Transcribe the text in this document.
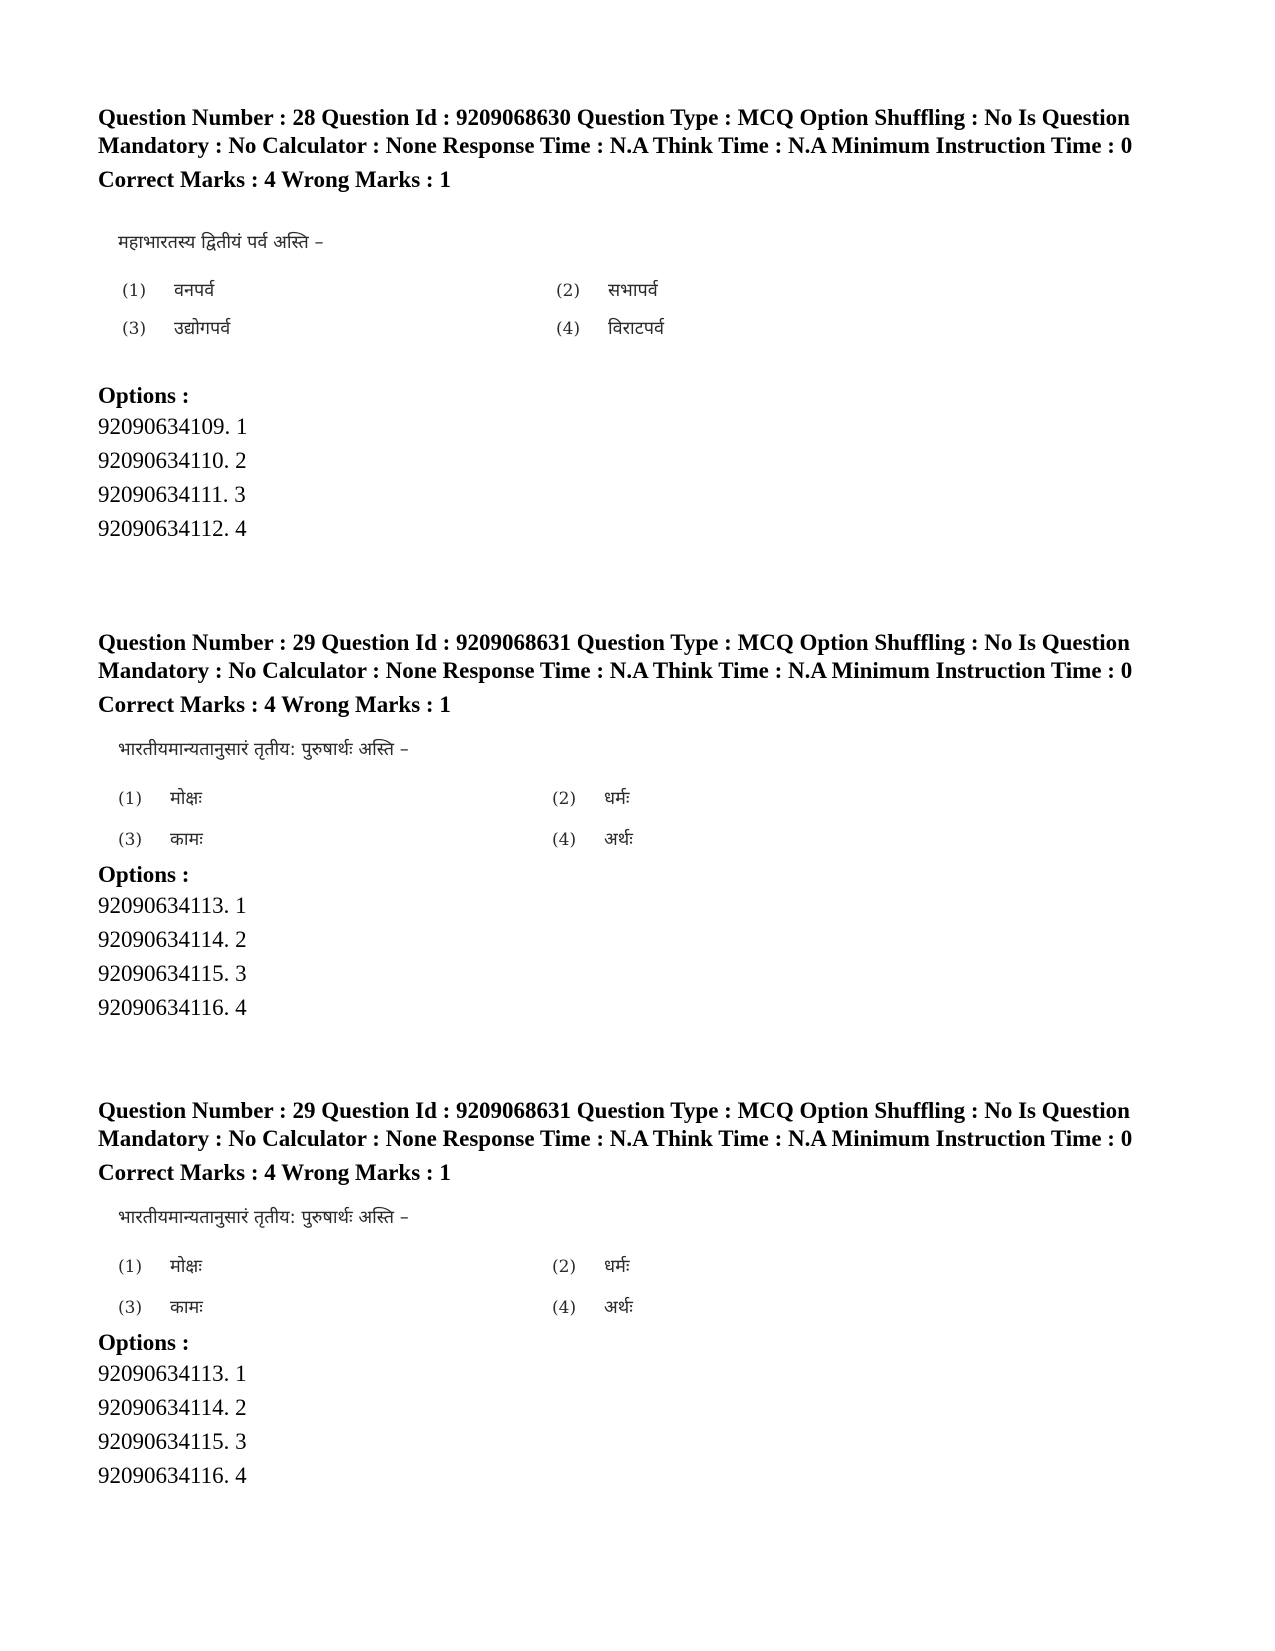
Question Number : 28 Question Id : 9209068630 Question Type : MCQ Option Shuffling : No Is Question Mandatory : No Calculator : None Response Time : N.A Think Time : N.A Minimum Instruction Time : 0

Correct Marks : 4 Wrong Marks : 1
महाभारतस्य द्वितीयं पर्व अस्ति –
(1) वनपर्व	(2) सभापर्व
(3) उद्योगपर्व	(4) विराटपर्व
Options :
92090634109. 1
92090634110. 2
92090634111. 3
92090634112. 4

Question Number : 29 Question Id : 9209068631 Question Type : MCQ Option Shuffling : No Is Question Mandatory : No Calculator : None Response Time : N.A Think Time : N.A Minimum Instruction Time : 0

Correct Marks : 4 Wrong Marks : 1
भारतीयमान्यतानुसारं तृतीय: पुरुषार्थः अस्ति –
(1) मोक्षः	(2) धर्मः
(3) कामः	(4) अर्थः
Options :
92090634113. 1
92090634114. 2
92090634115. 3
92090634116. 4

Question Number : 29 Question Id : 9209068631 Question Type : MCQ Option Shuffling : No Is Question Mandatory : No Calculator : None Response Time : N.A Think Time : N.A Minimum Instruction Time : 0

Correct Marks : 4 Wrong Marks : 1
भारतीयमान्यतानुसारं तृतीय: पुरुषार्थः अस्ति –
(1) मोक्षः	(2) धर्मः
(3) कामः	(4) अर्थः
Options :
92090634113. 1
92090634114. 2
92090634115. 3
92090634116. 4
